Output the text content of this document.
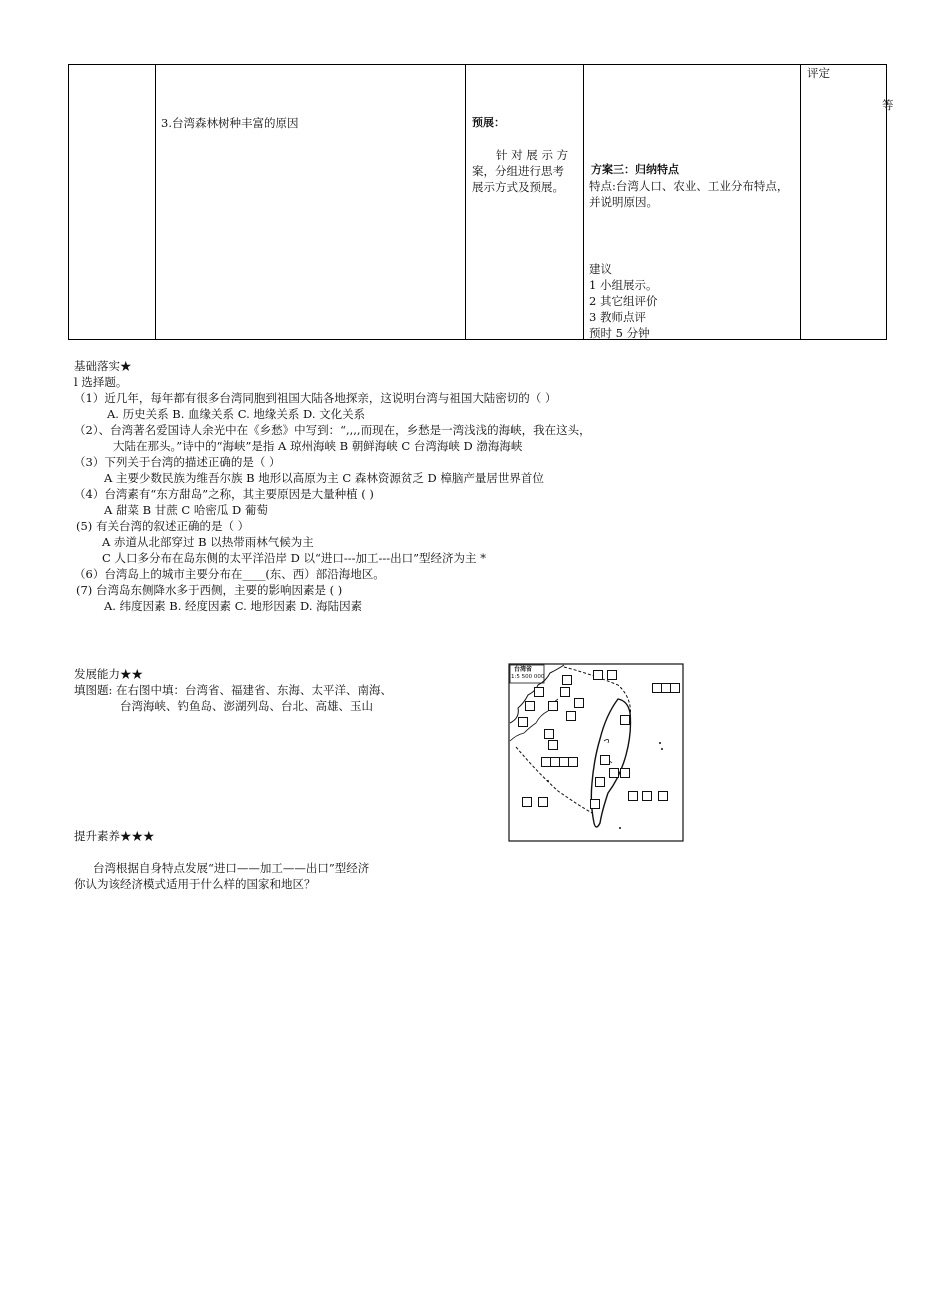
3.台湾森林树种丰富的原因	预展：
针 对 展 示 方
案，分组进行思考
展示方式及预展。
方案三：归纳特点
特点:台湾人口、农业、工业分布特点，
并说明原因。
建议
1 小组展示。
2 其它组评价
3 教师点评
预时 5 分钟
评定
等
基础落实★
l 选择题。
（1）近几年，每年都有很多台湾同胞到祖国大陆各地探亲，这说明台湾与祖国大陆密切的（ ）
A. 历史关系 B. 血缘关系 C. 地缘关系 D. 文化关系
（2）、台湾著名爱国诗人余光中在《乡愁》中写到：“,,,,而现在，乡愁是一湾浅浅的海峡，我在这头，
大陆在那头。”诗中的“海峡”是指 A 琼州海峡 B 朝鲜海峡 C 台湾海峡 D 渤海海峡
（3）下列关于台湾的描述正确的是（ ）
A 主要少数民族为维吾尔族 B 地形以高原为主 C 森林资源贫乏 D 樟脑产量居世界首位
（4）台湾素有“东方甜岛”之称，其主要原因是大量种植 ( )
A 甜菜 B 甘蔗 C 哈密瓜 D 葡萄
(5) 有关台湾的叙述正确的是（ ）
A 赤道从北部穿过 B 以热带雨林气候为主
C 人口多分布在岛东侧的太平洋沿岸 D 以“进口---加工---出口”型经济为主 *
（6）台湾岛上的城市主要分布在____(东、西）部沿海地区。
(7) 台湾岛东侧降水多于西侧，主要的影响因素是 ( )
A. 纬度因素 B. 经度因素 C. 地形因素 D. 海陆因素
发展能力★★
填图题: 在右图中填：台湾省、福建省、东海、太平洋、南海、
台湾海峡、钓鱼岛、澎湖列岛、台北、高雄、玉山
提升素养★★★
台湾根据自身特点发展“进口——加工——出口”型经济
你认为该经济模式适用于什么样的国家和地区？
台湾省
1:5 500 000
